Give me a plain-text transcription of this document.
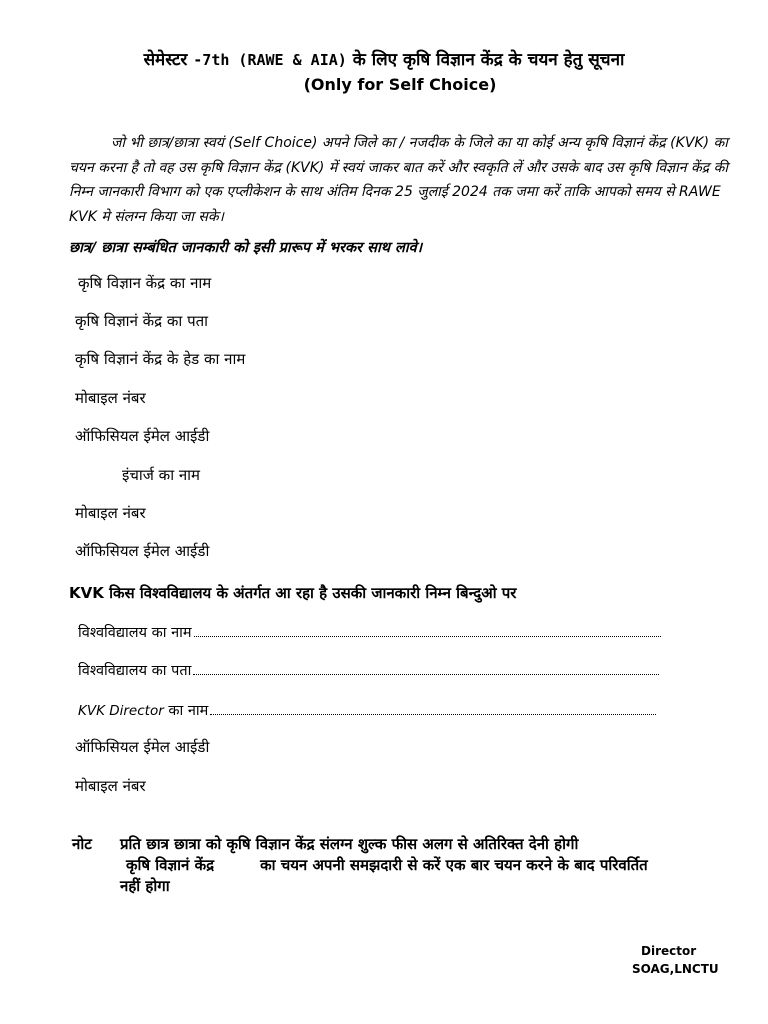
सेमेस्टर -7th (RAWE & AIA) के लिए कृषि विज्ञान केंद्र के चयन हेतु सूचना
(Only for Self Choice)
जो भी छात्र/छात्रा स्वयं (Self Choice) अपने जिले का / नजदीक के जिले का या कोई अन्य कृषि विज्ञानं केंद्र (KVK) का चयन करना है तो वह उस कृषि विज्ञान केंद्र (KVK) में स्वयं जाकर बात करें और स्वकृति लें और उसके बाद उस कृषि विज्ञान केंद्र की निम्न जानकारी विभाग को एक एप्लीकेशन के साथ अंतिम दिनक 25 जुलाई 2024 तक जमा करें ताकि आपको समय से RAWE KVK मे संलग्न किया जा सके।
छात्र/ छात्रा सम्बंधित जानकारी को इसी प्रारूप में भरकर साथ लावे।
कृषि विज्ञान केंद्र का नाम
कृषि विज्ञानं केंद्र का पता
कृषि विज्ञानं केंद्र के हेड का नाम
मोबाइल नंबर
ऑफिसियल ईमेल आईडी
इंचार्ज का नाम
मोबाइल नंबर
ऑफिसियल ईमेल आईडी
KVK किस विश्वविद्यालय के अंतर्गत आ रहा है उसकी जानकारी निम्न बिन्दुओ पर
विश्वविद्यालय का नाम
विश्वविद्यालय का पता
KVK Director का नाम
ऑफिसियल ईमेल आईडी
मोबाइल नंबर
नोट प्रति छात्र छात्रा को कृषि विज्ञान केंद्र संलग्न शुल्क फीस अलग से अतिरिक्त देनी होगी
कृषि विज्ञानं केंद्र	का चयन अपनी समझदारी से करें एक बार चयन करने के बाद परिवर्तित
नहीं होगा
Director
SOAG,LNCTU
